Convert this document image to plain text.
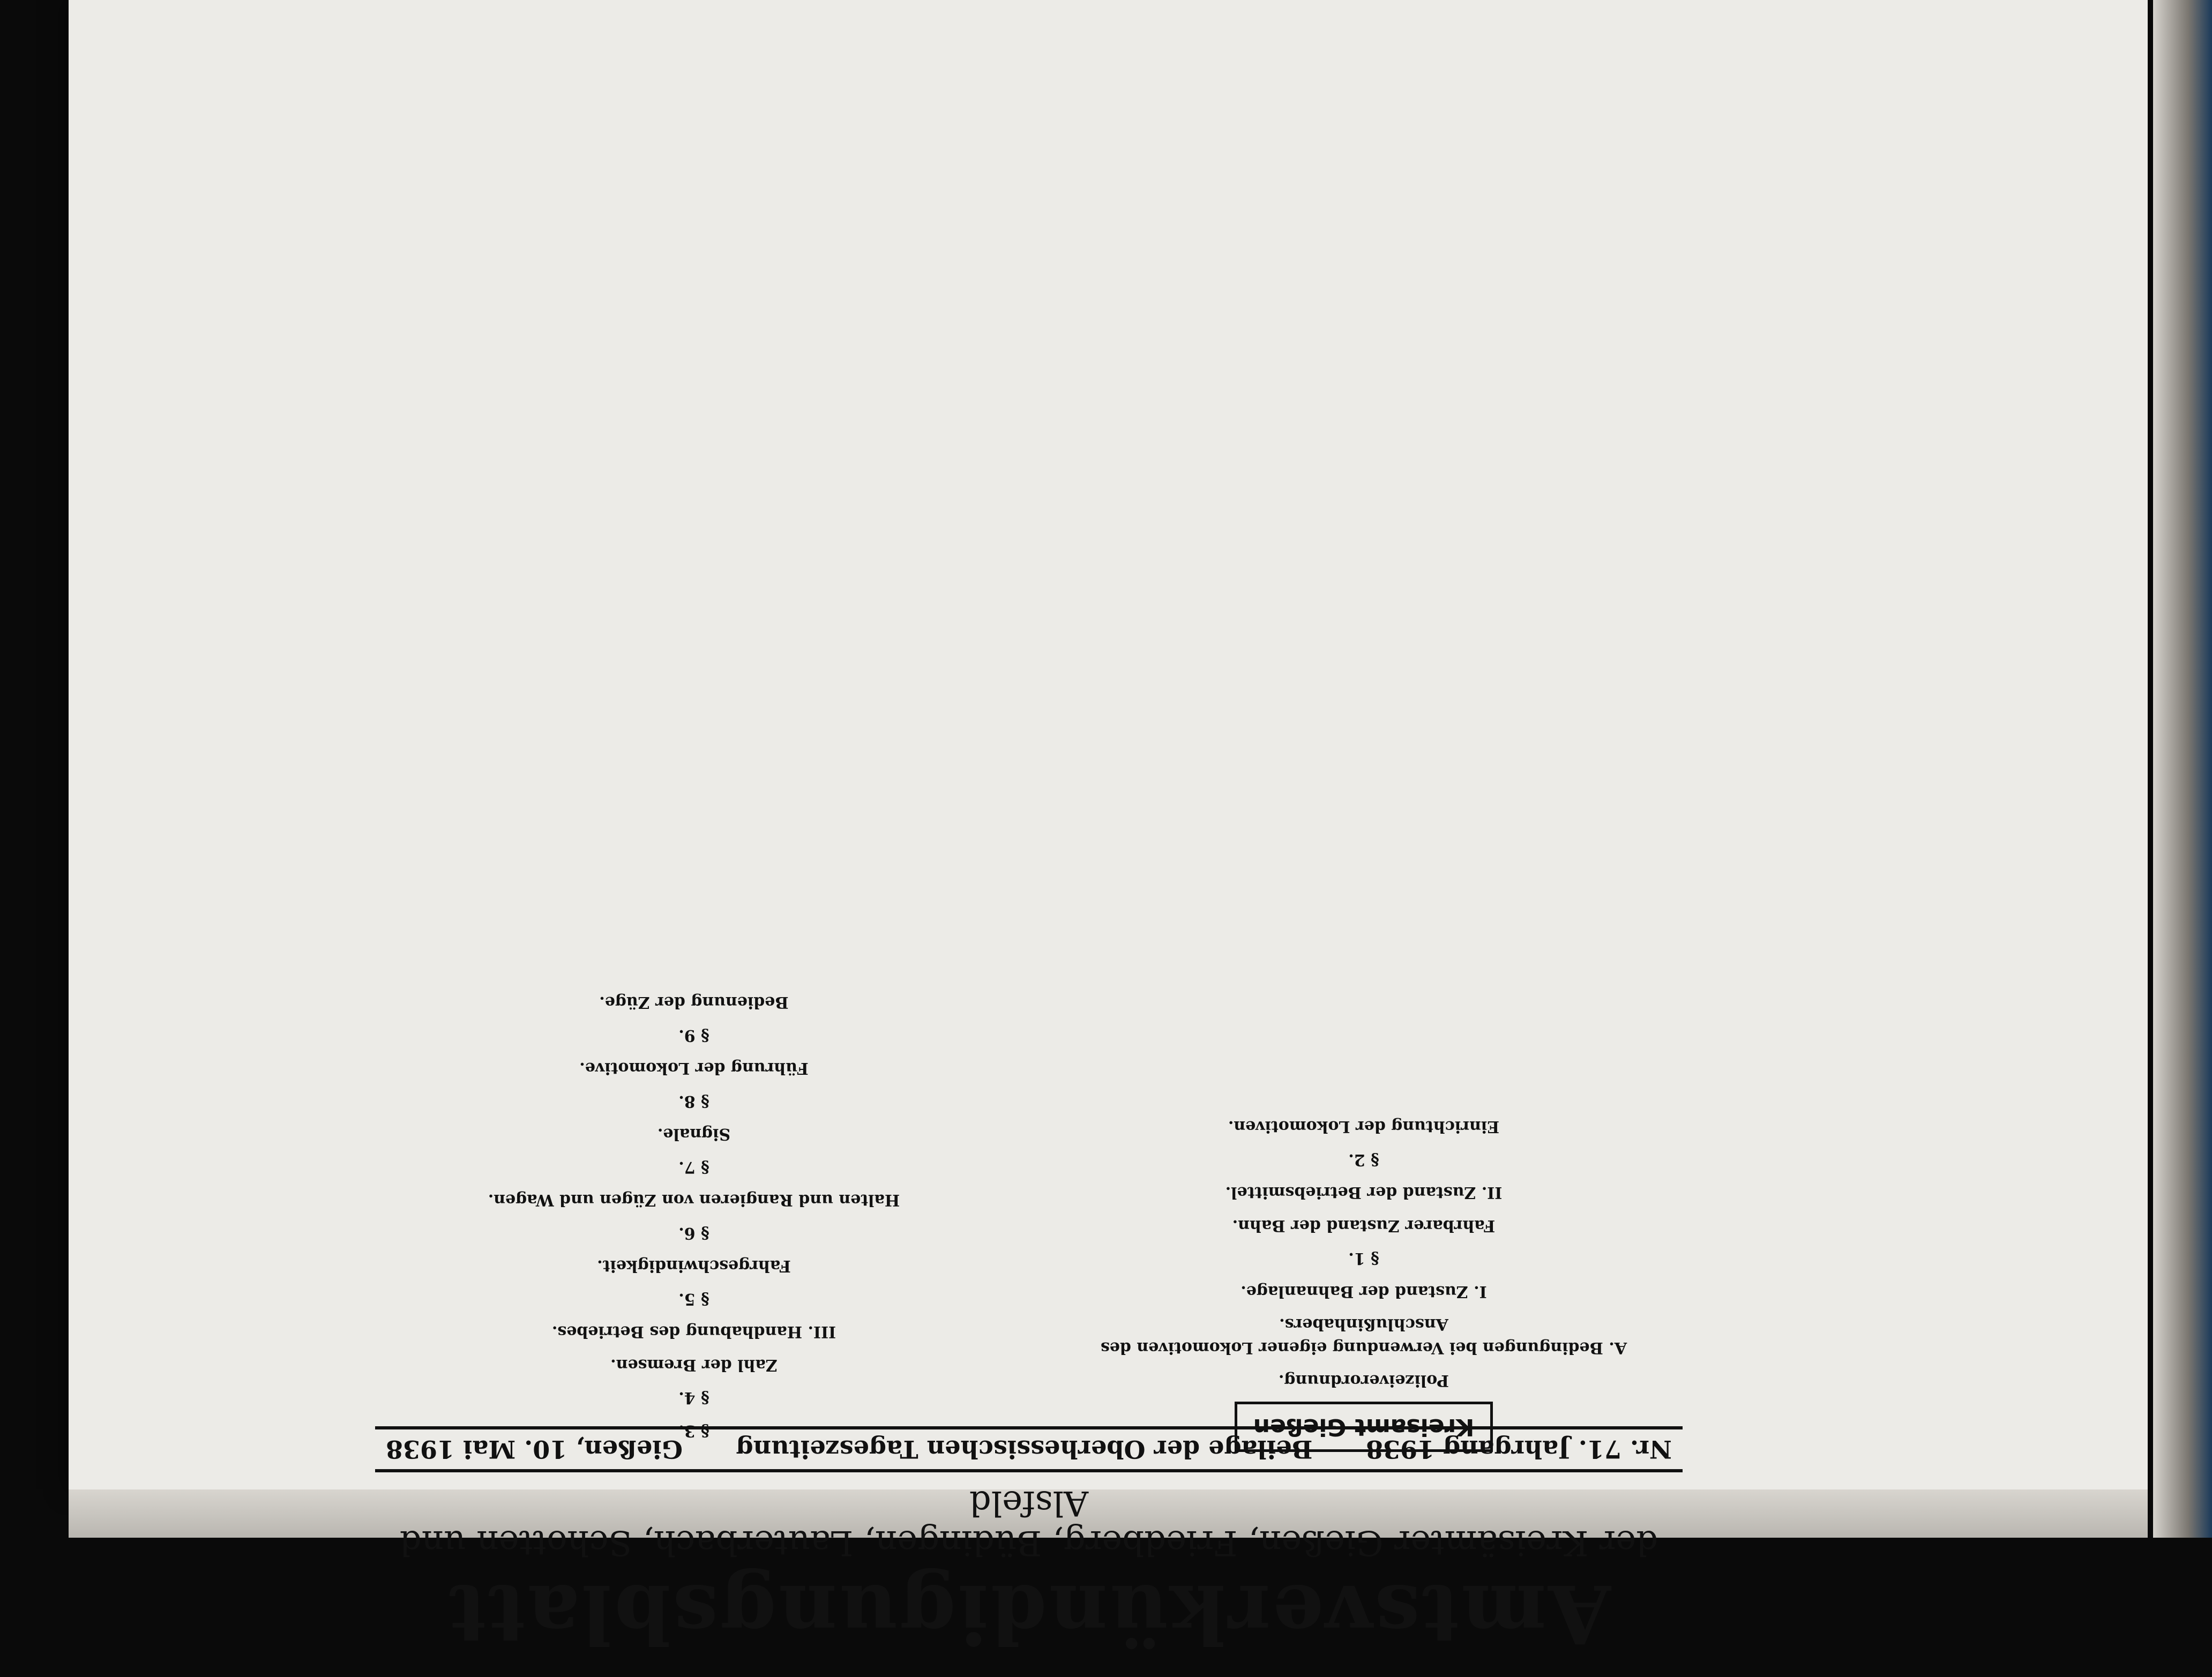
Amtsverkündigungsblatt
der Kreisämter Gießen, Friedberg, Büdingen, Lauterbach, Schotten und Alsfeld
Nr. 71. Jahrgang 1938
Beilage der Oberhessischen Tageszeitung
Gießen, 10. Mai 1938
Kreisamt Gießen
Polizeiverordnung.
A. Bedingungen bei Verwendung eigener Lokomotiven des Anschlußinhabers.
I. Zustand der Bahnanlage.
§ 1.
Fahrbarer Zustand der Bahn.
II. Zustand der Betriebsmittel.
§ 2.
Einrichtung der Lokomotiven.
§ 3.
§ 4.
Zahl der Bremsen.
III. Handhabung des Betriebes.
§ 5.
Fahrgeschwindigkeit.
§ 6.
Halten und Rangieren von Zügen und Wagen.
§ 7.
Signale.
§ 8.
Führung der Lokomotive.
§ 9.
Bedienung der Züge.
